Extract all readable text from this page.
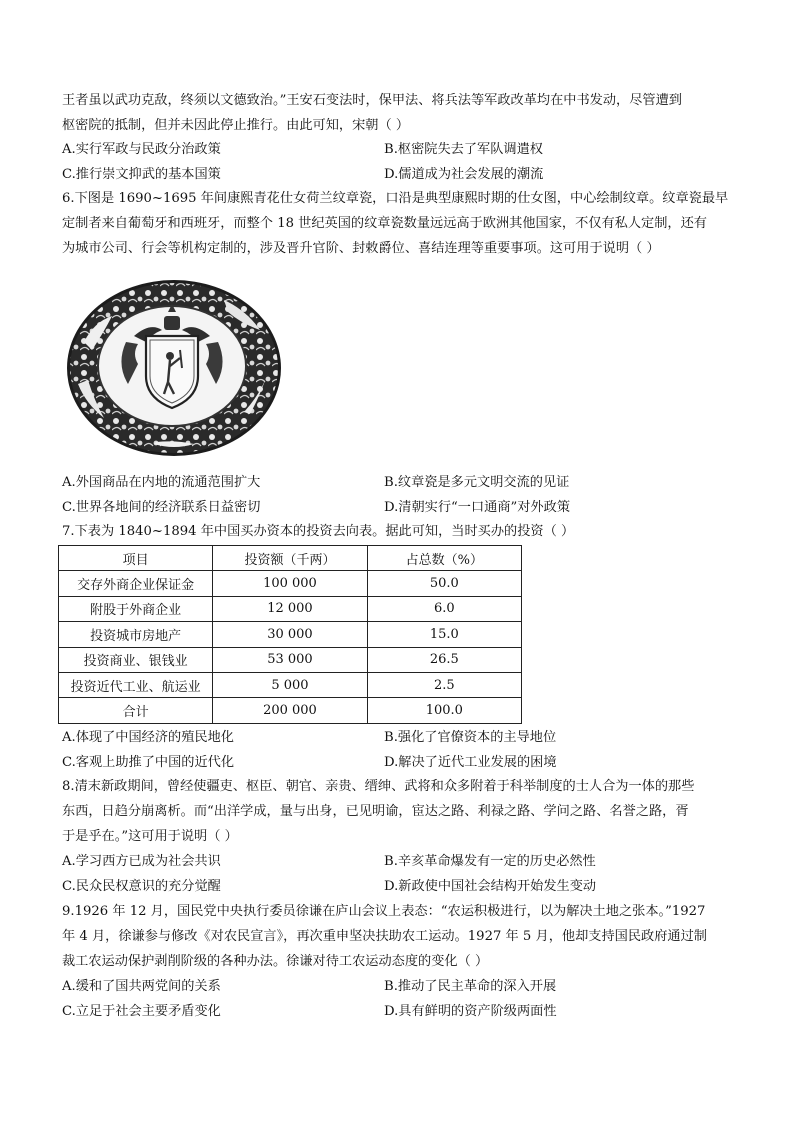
王者虽以武功克敌，终须以文德致治。”王安石变法时，保甲法、将兵法等军政改革均在中书发动，尽管遭到
枢密院的抵制，但并未因此停止推行。由此可知，宋朝（ ）
A.实行军政与民政分治政策	B.枢密院失去了军队调遣权
C.推行崇文抑武的基本国策	D.儒道成为社会发展的潮流
6.下图是 1690~1695 年间康熙青花仕女荷兰纹章瓷，口沿是典型康熙时期的仕女图，中心绘制纹章。纹章瓷最早
定制者来自葡萄牙和西班牙，而整个 18 世纪英国的纹章瓷数量远远高于欧洲其他国家，不仅有私人定制，还有
为城市公司、行会等机构定制的，涉及晋升官阶、封敕爵位、喜结连理等重要事项。这可用于说明（ ）
A.外国商品在内地的流通范围扩大	B.纹章瓷是多元文明交流的见证
C.世界各地间的经济联系日益密切	D.清朝实行“一口通商”对外政策
7.下表为 1840~1894 年中国买办资本的投资去向表。据此可知，当时买办的投资（ ）
项目	投资额（千两）	占总数（%）
交存外商企业保证金	100 000	50.0
附股于外商企业	12 000	6.0
投资城市房地产	30 000	15.0
投资商业、银钱业	53 000	26.5
投资近代工业、航运业	5 000	2.5
合计	200 000	100.0
A.体现了中国经济的殖民地化	B.强化了官僚资本的主导地位
C.客观上助推了中国的近代化	D.解决了近代工业发展的困境
8.清末新政期间，曾经使疆吏、枢臣、朝官、亲贵、缙绅、武将和众多附着于科举制度的士人合为一体的那些
东西，日趋分崩离析。而“出洋学成，量与出身，已见明谕，宦达之路、利禄之路、学问之路、名誉之路，胥
于是乎在。”这可用于说明（ ）
A.学习西方已成为社会共识	B.辛亥革命爆发有一定的历史必然性
C.民众民权意识的充分觉醒	D.新政使中国社会结构开始发生变动
9.1926 年 12 月，国民党中央执行委员徐谦在庐山会议上表态：“农运积极进行，以为解决土地之张本。”1927
年 4 月，徐谦参与修改《对农民宣言》，再次重申坚决扶助农工运动。1927 年 5 月，他却支持国民政府通过制
裁工农运动保护剥削阶级的各种办法。徐谦对待工农运动态度的变化（ ）
A.缓和了国共两党间的关系	B.推动了民主革命的深入开展
C.立足于社会主要矛盾变化	D.具有鲜明的资产阶级两面性
